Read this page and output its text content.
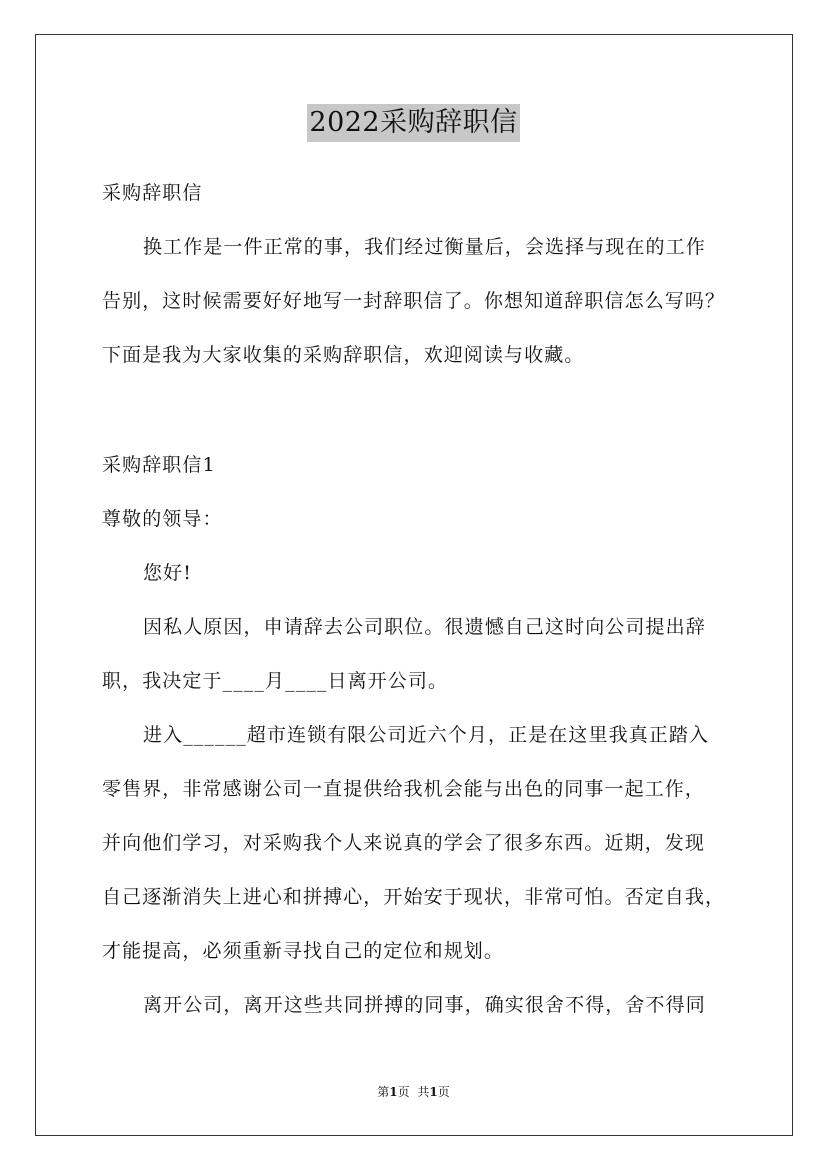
2022采购辞职信
采购辞职信
换工作是一件正常的事，我们经过衡量后，会选择与现在的工作
告别，这时候需要好好地写一封辞职信了。你想知道辞职信怎么写吗？
下面是我为大家收集的采购辞职信，欢迎阅读与收藏。
采购辞职信1
尊敬的领导：
您好!
因私人原因，申请辞去公司职位。很遗憾自己这时向公司提出辞
职，我决定于____月____日离开公司。
进入______超市连锁有限公司近六个月，正是在这里我真正踏入
零售界，非常感谢公司一直提供给我机会能与出色的同事一起工作，
并向他们学习，对采购我个人来说真的学会了很多东西。近期，发现
自己逐渐消失上进心和拼搏心，开始安于现状，非常可怕。否定自我，
才能提高，必须重新寻找自己的定位和规划。
离开公司，离开这些共同拼搏的同事，确实很舍不得，舍不得同
第1页 共1页
